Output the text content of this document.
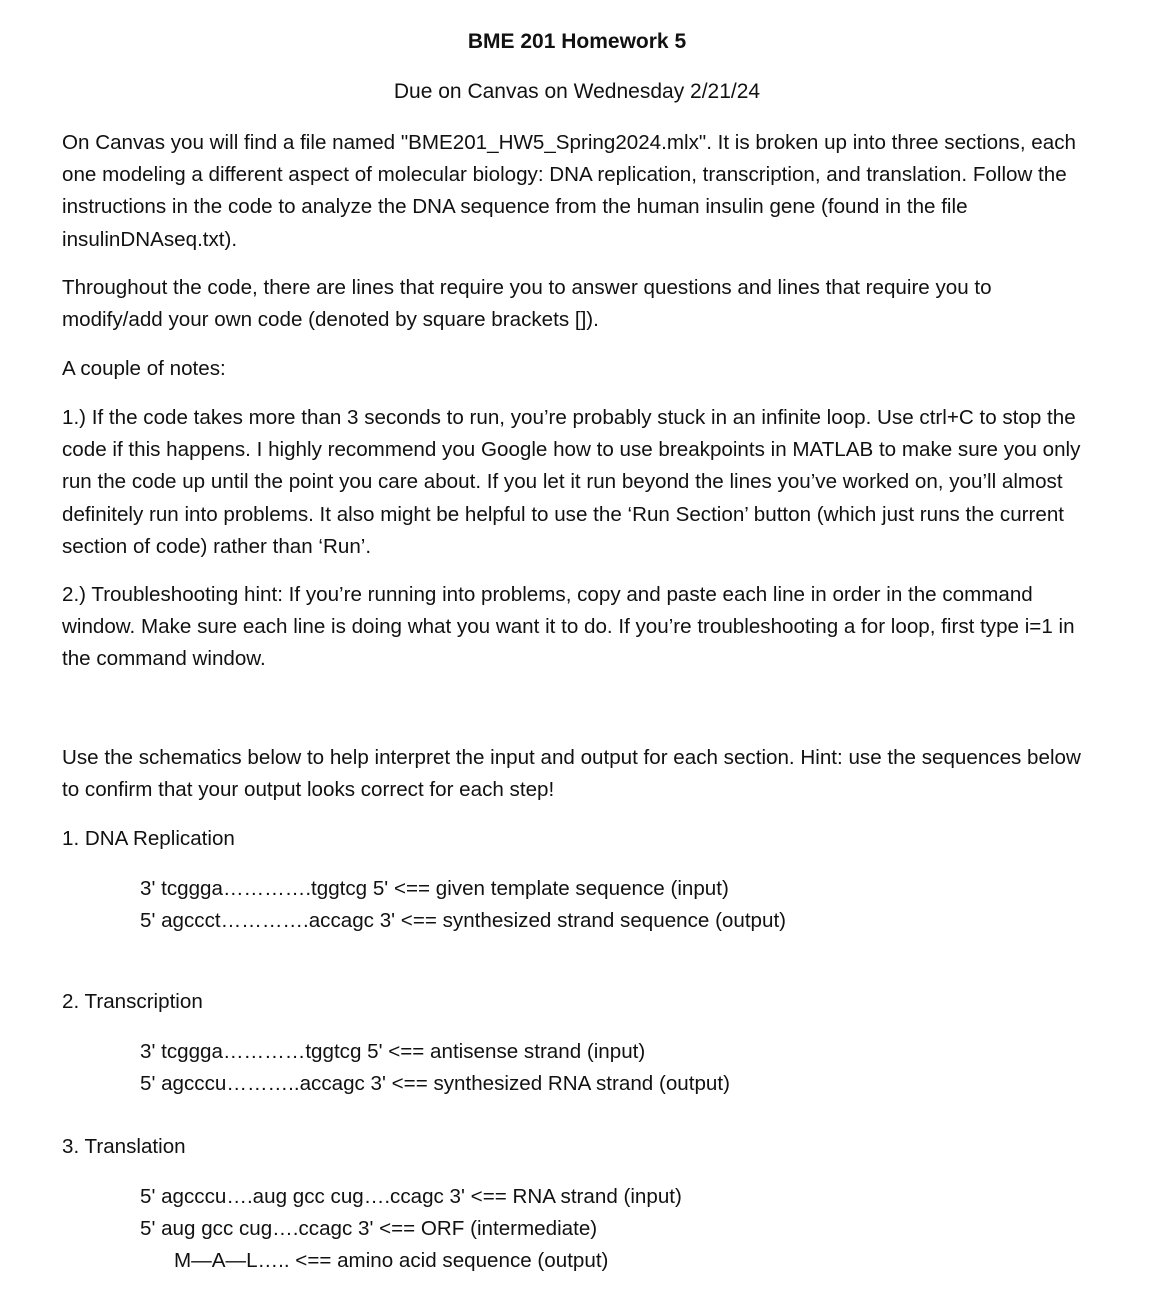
BME 201 Homework 5
Due on Canvas on Wednesday 2/21/24

On Canvas you will find a file named "BME201_HW5_Spring2024.mlx". It is broken up into three sections, each one modeling a different aspect of molecular biology: DNA replication, transcription, and translation. Follow the instructions in the code to analyze the DNA sequence from the human insulin gene (found in the file insulinDNAseq.txt).

Throughout the code, there are lines that require you to answer questions and lines that require you to modify/add your own code (denoted by square brackets []).

A couple of notes:

1.) If the code takes more than 3 seconds to run, you’re probably stuck in an infinite loop. Use ctrl+C to stop the code if this happens. I highly recommend you Google how to use breakpoints in MATLAB to make sure you only run the code up until the point you care about. If you let it run beyond the lines you’ve worked on, you’ll almost definitely run into problems. It also might be helpful to use the ‘Run Section’ button (which just runs the current section of code) rather than ‘Run’.

2.) Troubleshooting hint: If you’re running into problems, copy and paste each line in order in the command window. Make sure each line is doing what you want it to do. If you’re troubleshooting a for loop, first type i=1 in the command window.

Use the schematics below to help interpret the input and output for each section. Hint: use the sequences below to confirm that your output looks correct for each step!

1. DNA Replication
3' tcggga………….tggtcg 5' <== given template sequence (input)
5' agccct………….accagc 3' <== synthesized strand sequence (output)
2. Transcription
3' tcggga…………tggtcg 5' <== antisense strand (input)
5' agcccu………..accagc 3' <== synthesized RNA strand (output)
3. Translation
5' agcccu….aug gcc cug….ccagc 3' <== RNA strand (input)
5' aug gcc cug….ccagc 3' <== ORF (intermediate)
M—A—L….. <== amino acid sequence (output)
